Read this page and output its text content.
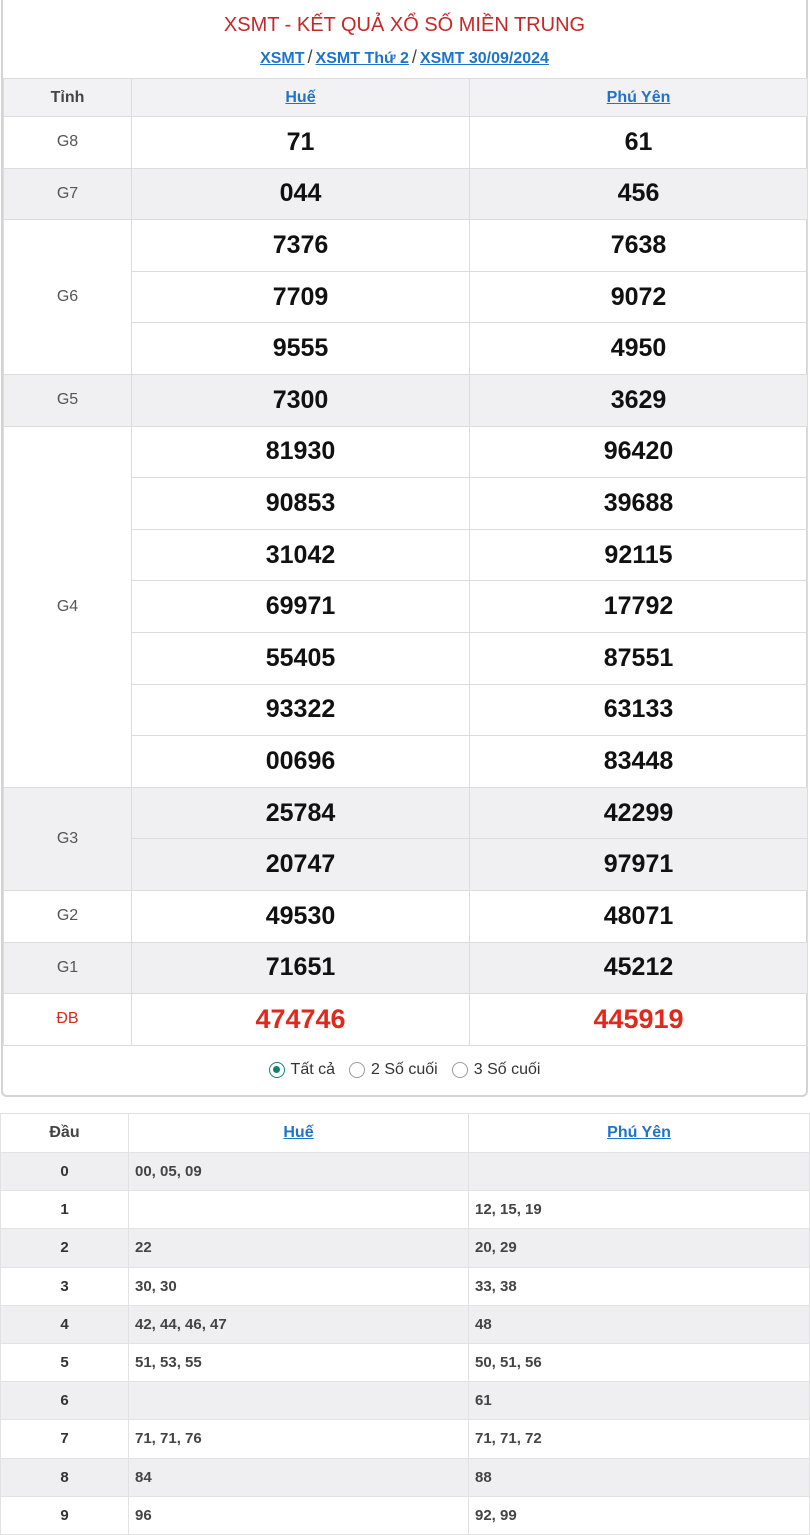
XSMT - KẾT QUẢ XỔ SỐ MIỀN TRUNG
XSMT / XSMT Thứ 2 / XSMT 30/09/2024
Tỉnh	Huế	Phú Yên
G8	71	61
G7	044	456
G6	7376	7638
	7709	9072
	9555	4950
G5	7300	3629
G4	81930	96420
	90853	39688
	31042	92115
	69971	17792
	55405	87551
	93322	63133
	00696	83448
G3	25784	42299
	20747	97971
G2	49530	48071
G1	71651	45212
ĐB	474746	445919
Tất cả 2 Số cuối 3 Số cuối
Đầu	Huế	Phú Yên
0	00, 05, 09	
1		12, 15, 19
2	22	20, 29
3	30, 30	33, 38
4	42, 44, 46, 47	48
5	51, 53, 55	50, 51, 56
6		61
7	71, 71, 76	71, 71, 72
8	84	88
9	96	92, 99
